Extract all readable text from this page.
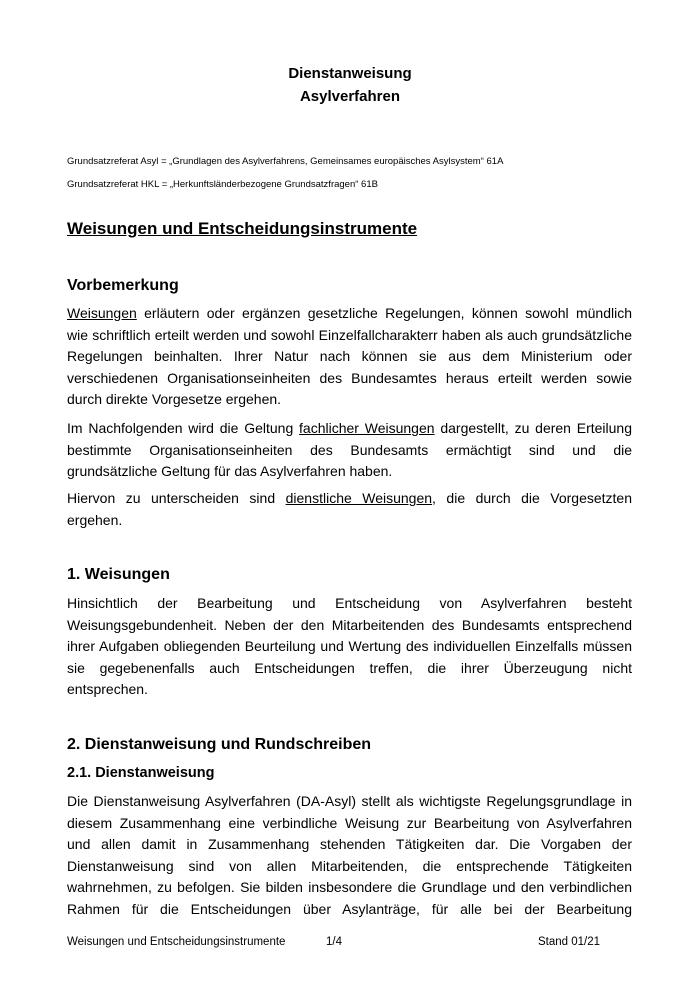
Dienstanweisung
Asylverfahren
Grundsatzreferat Asyl = „Grundlagen des Asylverfahrens, Gemeinsames europäisches Asylsystem“ 61A
Grundsatzreferat HKL = „Herkunftsländerbezogene Grundsatzfragen“ 61B
Weisungen und Entscheidungsinstrumente
Vorbemerkung
Weisungen erläutern oder ergänzen gesetzliche Regelungen, können sowohl mündlich
wie schriftlich erteilt werden und sowohl Einzelfallcharakterr haben als auch grundsätzliche
Regelungen beinhalten. Ihrer Natur nach können sie aus dem Ministerium oder
verschiedenen Organisationseinheiten des Bundesamtes heraus erteilt werden sowie
durch direkte Vorgesetze ergehen.
Im Nachfolgenden wird die Geltung fachlicher Weisungen dargestellt, zu deren Erteilung
bestimmte Organisationseinheiten des Bundesamts ermächtigt sind und die
grundsätzliche Geltung für das Asylverfahren haben.
Hiervon zu unterscheiden sind dienstliche Weisungen, die durch die Vorgesetzten
ergehen.
1. Weisungen
Hinsichtlich der Bearbeitung und Entscheidung von Asylverfahren besteht
Weisungsgebundenheit. Neben der den Mitarbeitenden des Bundesamts entsprechend
ihrer Aufgaben obliegenden Beurteilung und Wertung des individuellen Einzelfalls müssen
sie gegebenenfalls auch Entscheidungen treffen, die ihrer Überzeugung nicht
entsprechen.
2. Dienstanweisung und Rundschreiben
2.1. Dienstanweisung
Die Dienstanweisung Asylverfahren (DA-Asyl) stellt als wichtigste Regelungsgrundlage in
diesem Zusammenhang eine verbindliche Weisung zur Bearbeitung von Asylverfahren
und allen damit in Zusammenhang stehenden Tätigkeiten dar. Die Vorgaben der
Dienstanweisung sind von allen Mitarbeitenden, die entsprechende Tätigkeiten
wahrnehmen, zu befolgen. Sie bilden insbesondere die Grundlage und den verbindlichen
Rahmen für die Entscheidungen über Asylanträge, für alle bei der Bearbeitung
Weisungen und Entscheidungsinstrumente	1/4	Stand 01/21
